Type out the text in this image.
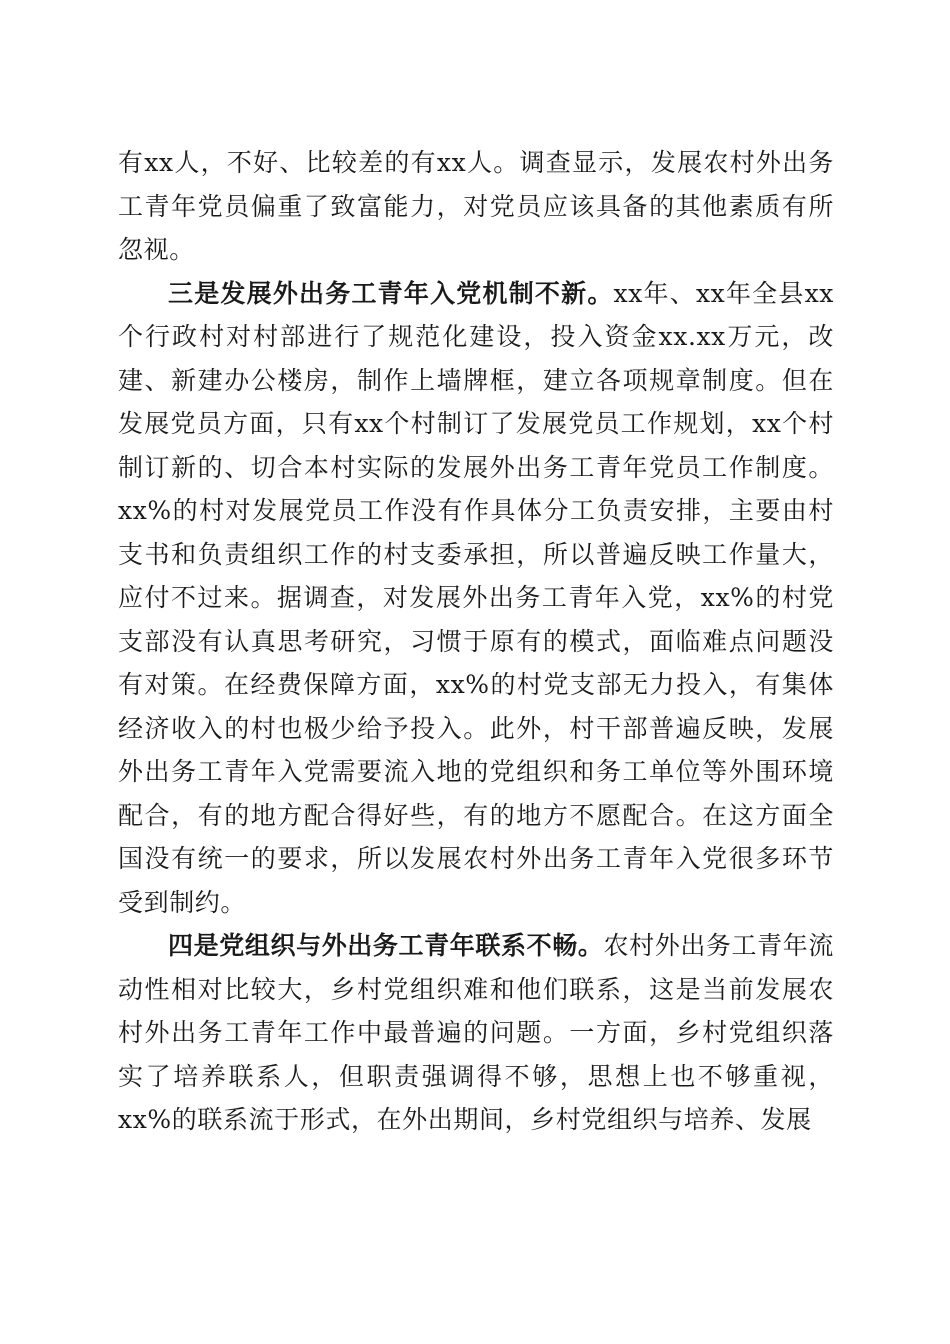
有xx人，不好、比较差的有xx人。调查显示，发展农村外出务工青年党员偏重了致富能力，对党员应该具备的其他素质有所忽视。

三是发展外出务工青年入党机制不新。xx年、xx年全县xx个行政村对村部进行了规范化建设，投入资金xx.xx万元，改建、新建办公楼房，制作上墙牌框，建立各项规章制度。但在发展党员方面，只有xx个村制订了发展党员工作规划，xx个村制订新的、切合本村实际的发展外出务工青年党员工作制度。xx%的村对发展党员工作没有作具体分工负责安排，主要由村支书和负责组织工作的村支委承担，所以普遍反映工作量大，应付不过来。据调查，对发展外出务工青年入党，xx%的村党支部没有认真思考研究，习惯于原有的模式，面临难点问题没有对策。在经费保障方面，xx%的村党支部无力投入，有集体经济收入的村也极少给予投入。此外，村干部普遍反映，发展外出务工青年入党需要流入地的党组织和务工单位等外围环境配合，有的地方配合得好些，有的地方不愿配合。在这方面全国没有统一的要求，所以发展农村外出务工青年入党很多环节受到制约。

四是党组织与外出务工青年联系不畅。农村外出务工青年流动性相对比较大，乡村党组织难和他们联系，这是当前发展农村外出务工青年工作中最普遍的问题。一方面，乡村党组织落实了培养联系人，但职责强调得不够，思想上也不够重视，xx%的联系流于形式，在外出期间，乡村党组织与培养、发展
